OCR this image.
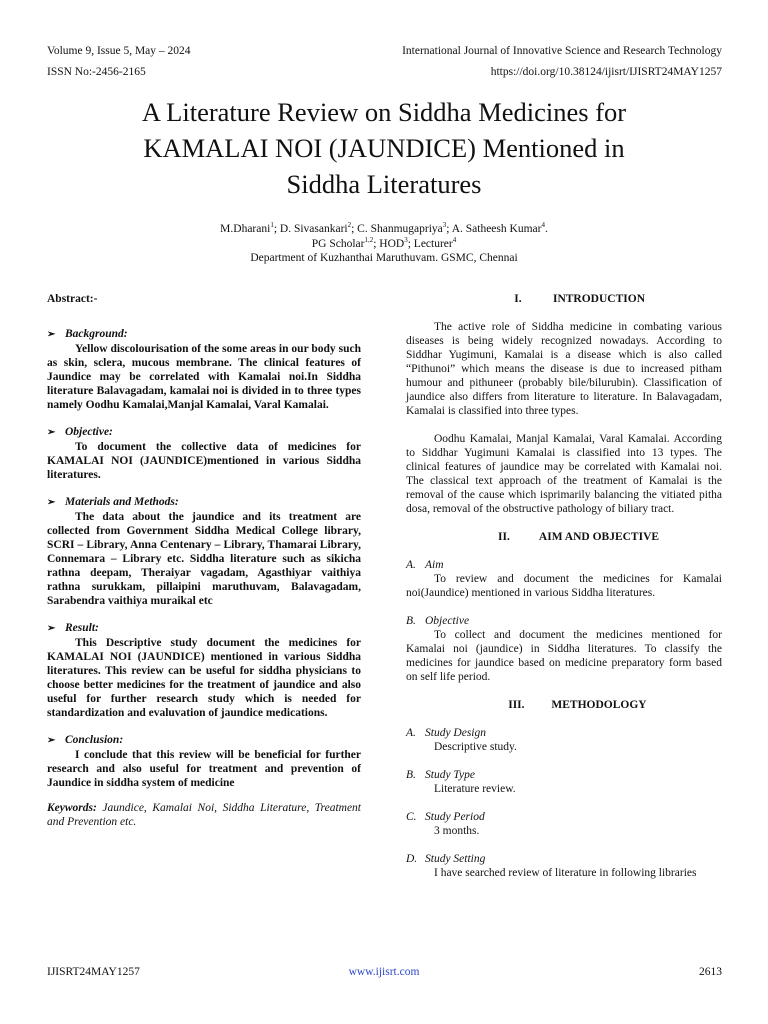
Volume 9, Issue 5, May – 2024	International Journal of Innovative Science and Research Technology
ISSN No:-2456-2165	https://doi.org/10.38124/ijisrt/IJISRT24MAY1257
A Literature Review on Siddha Medicines for
KAMALAI NOI (JAUNDICE) Mentioned in
Siddha Literatures
M.Dharani$^1$; D. Sivasankari$^2$; C. Shanmugapriya$^3$; A. Satheesh Kumar$^4$.
PG Scholar$^{1,2}$; HOD$^3$; Lecturer$^4$
Department of Kuzhanthai Maruthuvam. GSMC, Chennai

Abstract:-

➢ Background:

Yellow discolourisation of the some areas in our body such as skin, sclera, mucous membrane. The clinical features of Jaundice may be correlated with Kamalai noi.In Siddha literature Balavagadam, kamalai noi is divided in to three types namely Oodhu Kamalai,Manjal Kamalai, Varal Kamalai.

➢ Objective:

To document the collective data of medicines for KAMALAI NOI (JAUNDICE)mentioned in various Siddha literatures.

➢ Materials and Methods:

The data about the jaundice and its treatment are collected from Government Siddha Medical College library, SCRI – Library, Anna Centenary – Library, Thamarai Library, Connemara – Library etc. Siddha literature such as sikicha rathna deepam, Theraiyar vagadam, Agasthiyar vaithiya rathna surukkam, pillaipini maruthuvam, Balavagadam, Sarabendra vaithiya muraikal etc

➢ Result:

This Descriptive study document the medicines for KAMALAI NOI (JAUNDICE) mentioned in various Siddha literatures. This review can be useful for siddha physicians to choose better medicines for the treatment of jaundice and also useful for further research study which is needed for standardization and evaluvation of jaundice medications.

➢ Conclusion:

I conclude that this review will be beneficial for further research and also useful for treatment and prevention of Jaundice in siddha system of medicine

Keywords: Jaundice, Kamalai Noi, Siddha Literature, Treatment and Prevention etc.

I.	INTRODUCTION

The active role of Siddha medicine in combating various diseases is being widely recognized nowadays. According to Siddhar Yugimuni, Kamalai is a disease which is also called “Pithunoi” which means the disease is due to increased pitham humour and pithuneer (probably bile/bilurubin). Classification of jaundice also differs from literature to literature. In Balavagadam, Kamalai is classified into three types.

Oodhu Kamalai, Manjal Kamalai, Varal Kamalai. According to Siddhar Yugimuni Kamalai is classified into 13 types. The clinical features of jaundice may be correlated with Kamalai noi. The classical text approach of the treatment of Kamalai is the removal of the cause which isprimarily balancing the vitiated pitha dosa, removal of the obstructive pathology of biliary tract.

II.	AIM AND OBJECTIVE
A. Aim

To review and document the medicines for Kamalai noi(Jaundice) mentioned in various Siddha literatures.

B. Objective

To collect and document the medicines mentioned for Kamalai noi (jaundice) in Siddha literatures. To classify the medicines for jaundice based on medicine preparatory form based on self life period.

III. METHODOLOGY
A. Study Design

Descriptive study.

B. Study Type

Literature review.

C. Study Period

3 months.

D. Study Setting

I have searched review of literature in following libraries

IJISRT24MAY1257	www.ijisrt.com	2613
